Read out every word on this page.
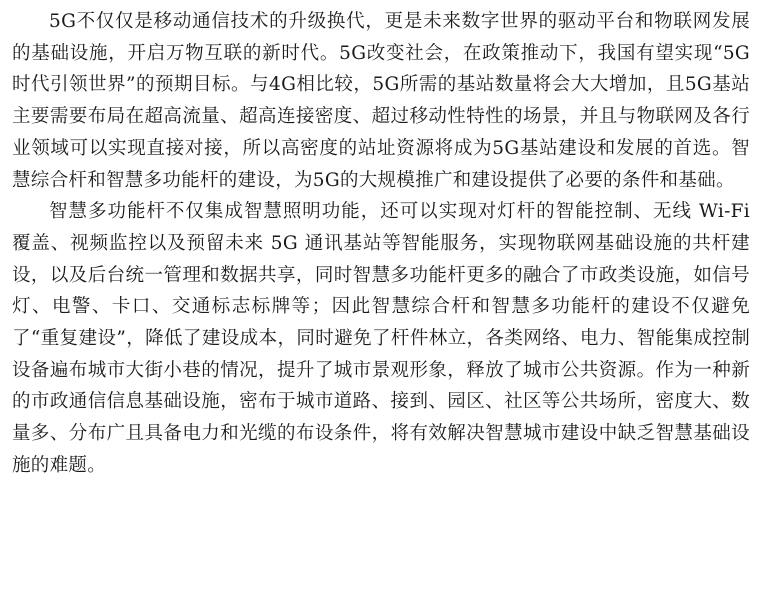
5G不仅仅是移动通信技术的升级换代，更是未来数字世界的驱动平台和物联网发展的基础设施，开启万物互联的新时代。5G改变社会，在政策推动下，我国有望实现“5G时代引领世界”的预期目标。与4G相比较，5G所需的基站数量将会大大增加，且5G基站主要需要布局在超高流量、超高连接密度、超过移动性特性的场景，并且与物联网及各行业领域可以实现直接对接，所以高密度的站址资源将成为5G基站建设和发展的首选。智慧综合杆和智慧多功能杆的建设，为5G的大规模推广和建设提供了必要的条件和基础。

智慧多功能杆不仅集成智慧照明功能，还可以实现对灯杆的智能控制、无线 Wi-Fi 覆盖、视频监控以及预留未来 5G 通讯基站等智能服务，实现物联网基础设施的共杆建设，以及后台统一管理和数据共享，同时智慧多功能杆更多的融合了市政类设施，如信号灯、电警、卡口、交通标志标牌等；因此智慧综合杆和智慧多功能杆的建设不仅避免了“重复建设”，降低了建设成本，同时避免了杆件林立，各类网络、电力、智能集成控制设备遍布城市大街小巷的情况，提升了城市景观形象，释放了城市公共资源。作为一种新的市政通信信息基础设施，密布于城市道路、接到、园区、社区等公共场所，密度大、数量多、分布广且具备电力和光缆的布设条件，将有效解决智慧城市建设中缺乏智慧基础设施的难题。
